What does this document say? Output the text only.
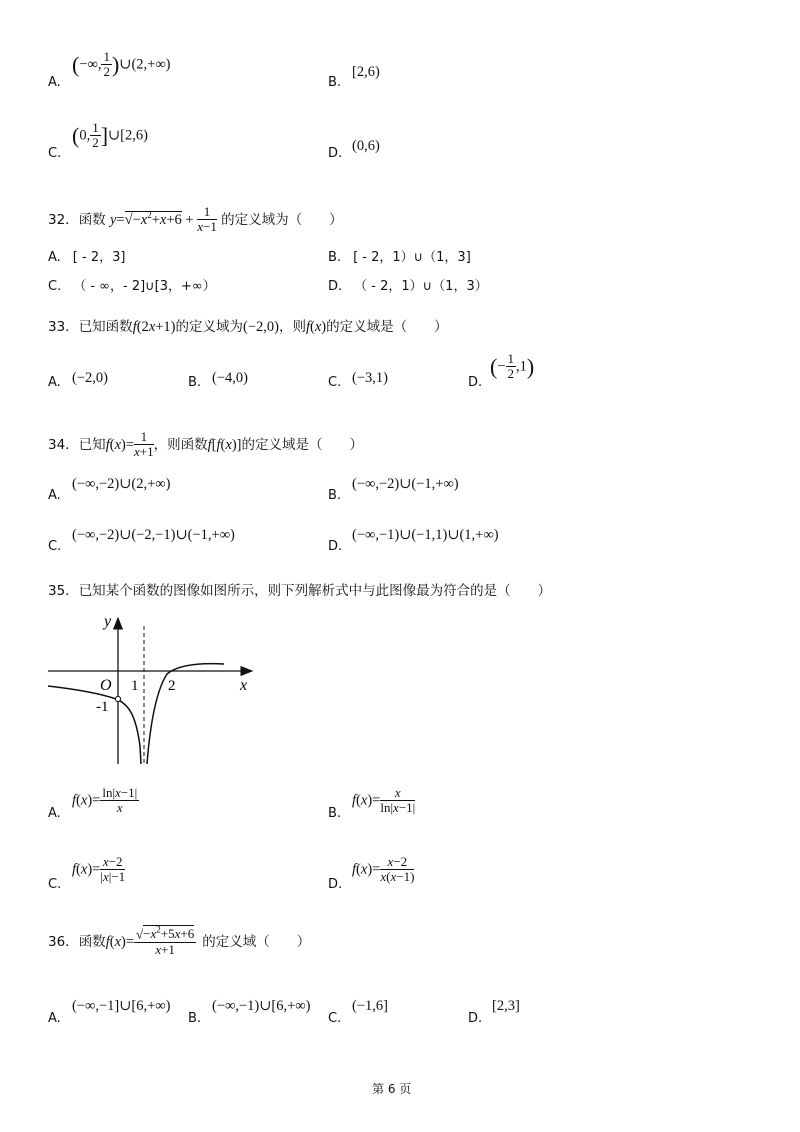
A.
(−∞, $\frac{1}{2}$ )∪(2,+∞)
B.
[2,6)
C.
(0, $\frac{1}{2}$ ]∪[2,6)
D. (0,6)
32．函数 $y=√-x^2+x+6 + \frac{1}{x-1}$ 的定义域为（　　）
A. [ - 2，3]	B. [ - 2，1）∪（1，3]
C. （ - ∞，- 2]∪[3，+∞）	D. （ - 2，1）∪（1，3）
33．已知函数f(2x+1)的定义域为(−2,0)，则f(x)的定义域是（　　）
A. (−2,0)	B. (−4,0)	C. (−3,1)	D.
(− $\frac{1}{2} ,1$)
34．已知$f(x)= \frac{1}{x+1}$ ，则函数f[f(x)]的定义域是（　　）
A.
(−∞,−2)∪(2,+∞)
B.
(−∞,−2)∪(−1,+∞)
C.
(−∞,−2)∪(−2,−1)∪(−1,+∞)
D.
(−∞,−1)∪(−1,1)∪(1,+∞)
35．已知某个函数的图像如图所示，则下列解析式中与此图像最为符合的是（　　）
y
x
O 1 2
-1
A.
$f(x)= \frac{\ln|x-1|}{x}$	B.
$f(x)= \frac{x}{\ln|x-1|}$
C.
$f(x)= \frac{x-2}{|x|-1}$	D.
$f(x)= \frac{x-2}{x(x-1)}$
36．函数$f(x)= \frac{√-x^2+5x+6}{x+1}$ 的定义域（　　）
A.
(−∞,−1]∪[6,+∞)
B.
(−∞,−1)∪[6,+∞)
C.
(−1,6]
D.
[2,3]
第 6 页
